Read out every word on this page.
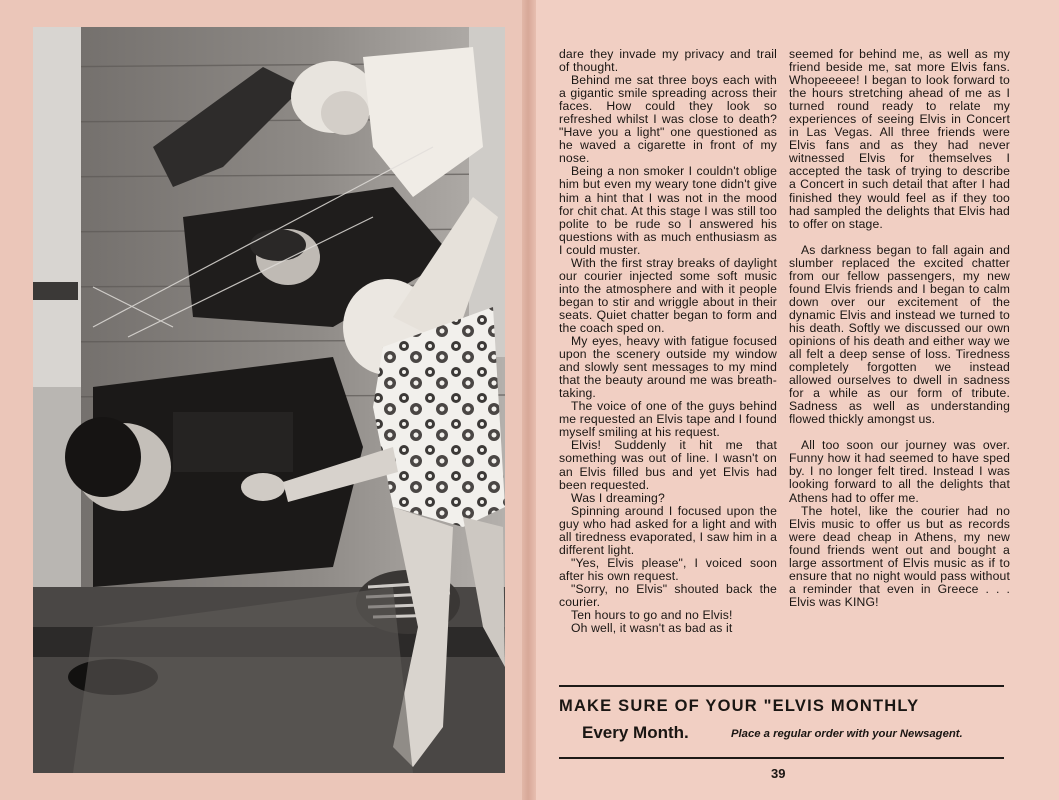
dare they invade my privacy and trail of thought.

Behind me sat three boys each with a gigantic smile spreading across their faces. How could they look so refreshed whilst I was close to death? "Have you a light" one questioned as he waved a cigarette in front of my nose.

Being a non smoker I couldn't oblige him but even my weary tone didn't give him a hint that I was not in the mood for chit chat. At this stage I was still too polite to be rude so I answered his questions with as much enthusiasm as I could muster.

With the first stray breaks of daylight our courier injected some soft music into the atmosphere and with it people began to stir and wriggle about in their seats. Quiet chatter began to form and the coach sped on.

My eyes, heavy with fatigue focused upon the scenery outside my window and slowly sent messages to my mind that the beauty around me was breath-taking.

The voice of one of the guys behind me requested an Elvis tape and I found myself smiling at his request.

Elvis! Suddenly it hit me that something was out of line. I wasn't on an Elvis filled bus and yet Elvis had been requested.

Was I dreaming?

Spinning around I focused upon the guy who had asked for a light and with all tiredness evaporated, I saw him in a different light.

"Yes, Elvis please", I voiced soon after his own request.

"Sorry, no Elvis" shouted back the courier.

Ten hours to go and no Elvis!

Oh well, it wasn't as bad as it

seemed for behind me, as well as my friend beside me, sat more Elvis fans. Whopeeeee! I began to look forward to the hours stretching ahead of me as I turned round ready to relate my experiences of seeing Elvis in Concert in Las Vegas. All three friends were Elvis fans and as they had never witnessed Elvis for themselves I accepted the task of trying to describe a Concert in such detail that after I had finished they would feel as if they too had sampled the delights that Elvis had to offer on stage.

As darkness began to fall again and slumber replaced the excited chatter from our fellow passengers, my new found Elvis friends and I began to calm down over our excitement of the dynamic Elvis and instead we turned to his death. Softly we discussed our own opinions of his death and either way we all felt a deep sense of loss. Tiredness completely forgotten we instead allowed ourselves to dwell in sadness for a while as our form of tribute. Sadness as well as understanding flowed thickly amongst us.

All too soon our journey was over. Funny how it had seemed to have sped by. I no longer felt tired. Instead I was looking forward to all the delights that Athens had to offer me.

The hotel, like the courier had no Elvis music to offer us but as records were dead cheap in Athens, my new found friends went out and bought a large assortment of Elvis music as if to ensure that no night would pass without a reminder that even in Greece . . . Elvis was KING!

MAKE SURE OF YOUR "ELVIS MONTHLY
Every Month.	Place a regular order with your Newsagent.
39
